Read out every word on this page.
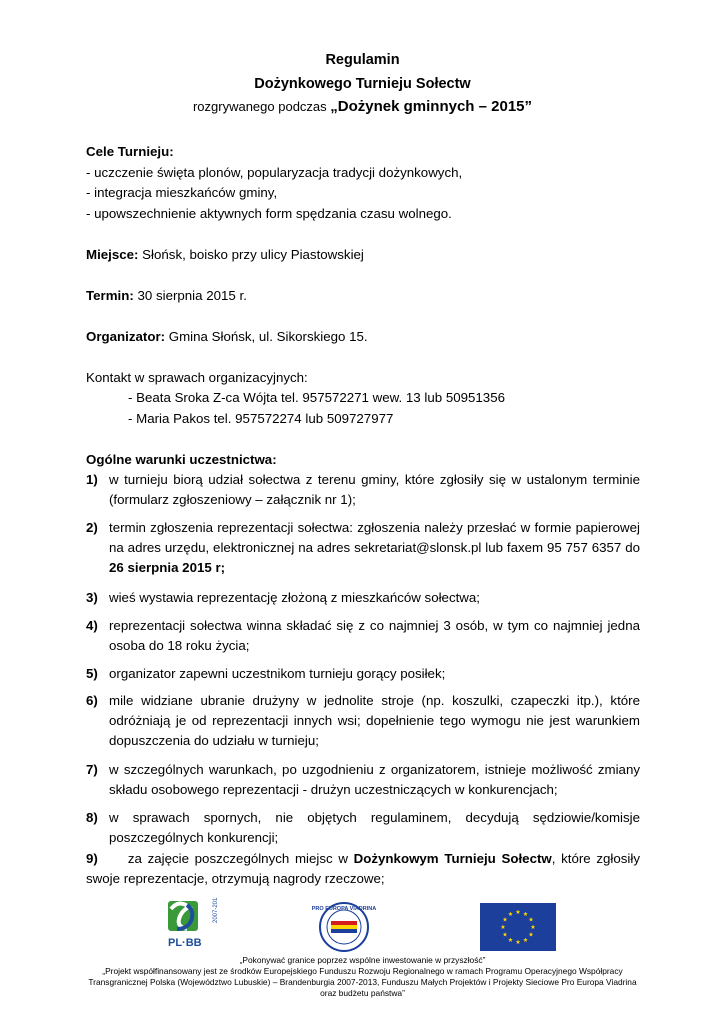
Regulamin
Dożynkowego Turnieju Sołectw
rozgrywanego podczas „Dożynek gminnych – 2015”
Cele Turnieju:
- uczczenie święta plonów, popularyzacja tradycji dożynkowych,
- integracja mieszkańców gminy,
- upowszechnienie aktywnych form spędzania czasu wolnego.
Miejsce: Słońsk, boisko przy ulicy Piastowskiej
Termin: 30 sierpnia 2015 r.
Organizator: Gmina Słońsk, ul. Sikorskiego 15.
Kontakt w sprawach organizacyjnych:
- Beata Sroka Z-ca Wójta tel. 957572271 wew. 13 lub 50951356
- Maria Pakos tel. 957572274 lub 509727977
Ogólne warunki uczestnictwa:
1) w turnieju biorą udział sołectwa z terenu gminy, które zgłosiły się w ustalonym terminie (formularz zgłoszeniowy – załącznik nr 1);
2) termin zgłoszenia reprezentacji sołectwa: zgłoszenia należy przesłać w formie papierowej na adres urzędu, elektronicznej na adres sekretariat@slonsk.pl lub faxem 95 757 6357 do 26 sierpnia 2015 r;
3) wieś wystawia reprezentację złożoną z mieszkańców sołectwa;
4) reprezentacji sołectwa winna składać się z co najmniej 3 osób, w tym co najmniej jedna osoba do 18 roku życia;
5) organizator zapewni uczestnikom turnieju gorący posiłek;
6) mile widziane ubranie drużyny w jednolite stroje (np. koszulki, czapeczki itp.), które odróżniają je od reprezentacji innych wsi; dopełnienie tego wymogu nie jest warunkiem dopuszczenia do udziału w turnieju;
7) w szczególnych warunkach, po uzgodnieniu z organizatorem, istnieje możliwość zmiany składu osobowego reprezentacji - drużyn uczestniczących w konkurencjach;
8) w sprawach spornych, nie objętych regulaminem, decydują sędziowie/komisje poszczególnych konkurencji;
9) za zajęcie poszczególnych miejsc w Dożynkowym Turnieju Sołectw, które zgłosiły swoje reprezentacje, otrzymują nagrody rzeczowe;
2007-2013
PL·BB
PRO EUROPA VIADRINA
„Pokonywać granice poprzez wspólne inwestowanie w przyszłość”
„Projekt współfinansowany jest ze środków Europejskiego Funduszu Rozwoju Regionalnego w ramach Programu Operacyjnego Współpracy
Transgranicznej Polska (Województwo Lubuskie) – Brandenburgia 2007-2013, Funduszu Małych Projektów i Projekty Sieciowe Pro Europa Viadrina
oraz budżetu państwa”
